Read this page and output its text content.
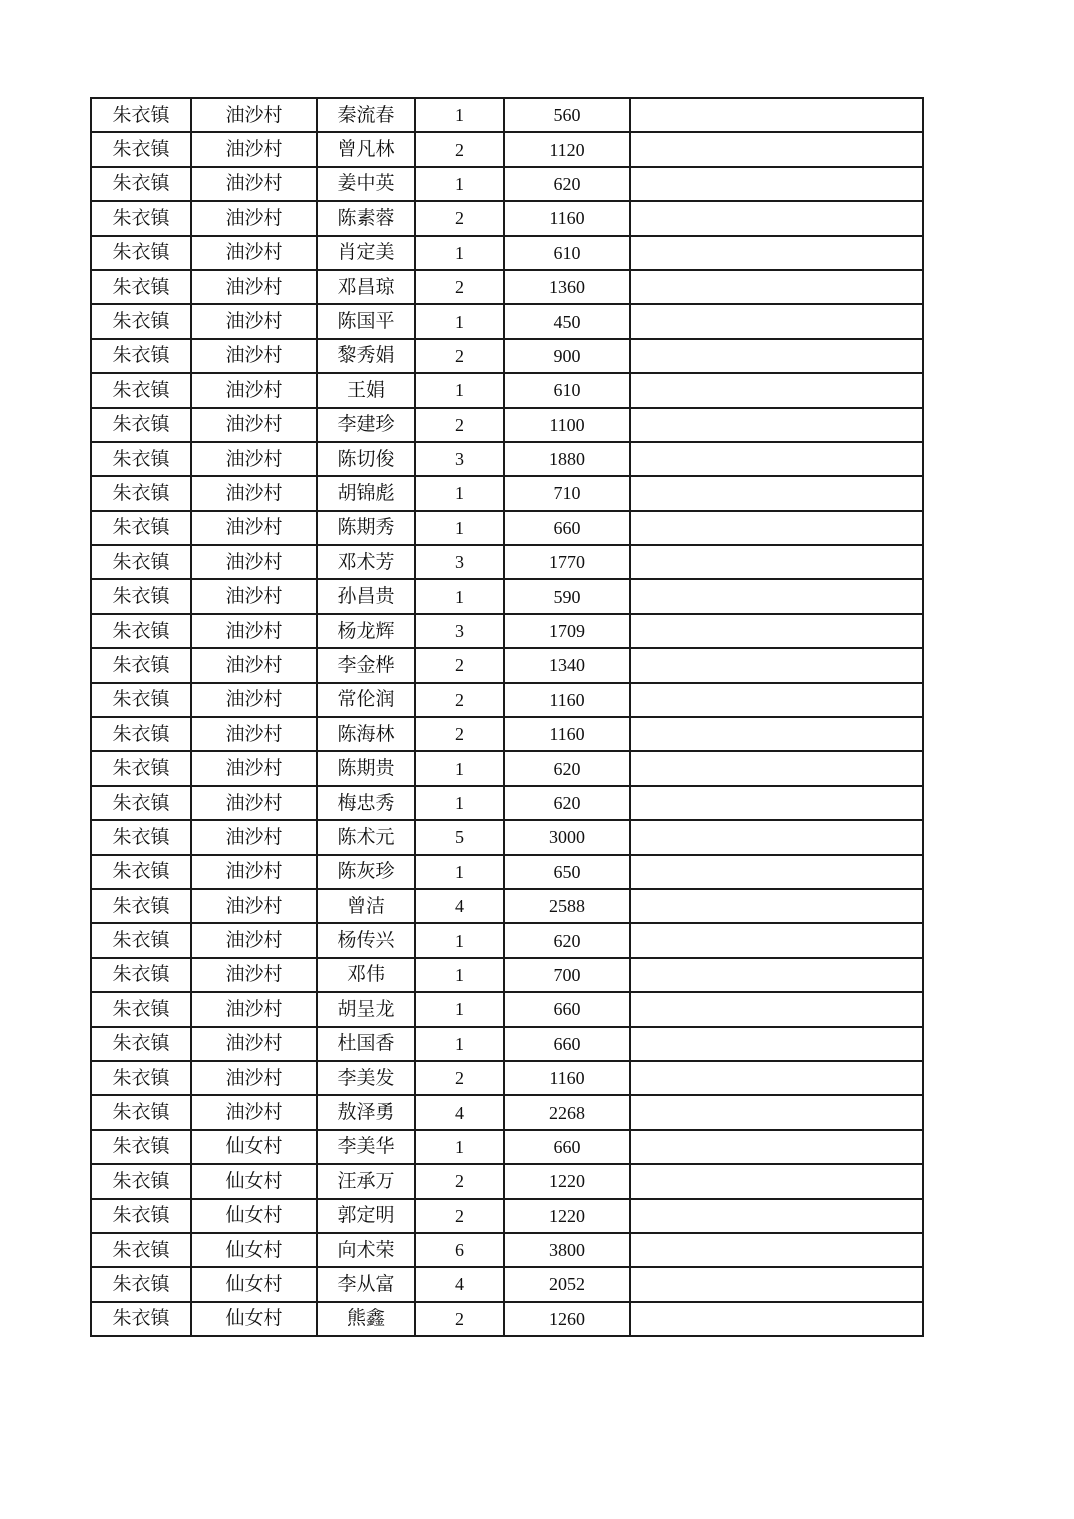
朱衣镇	油沙村	秦流春	1	560	
朱衣镇	油沙村	曾凡林	2	1120	
朱衣镇	油沙村	姜中英	1	620	
朱衣镇	油沙村	陈素蓉	2	1160	
朱衣镇	油沙村	肖定美	1	610	
朱衣镇	油沙村	邓昌琼	2	1360	
朱衣镇	油沙村	陈国平	1	450	
朱衣镇	油沙村	黎秀娟	2	900	
朱衣镇	油沙村	王娟	1	610	
朱衣镇	油沙村	李建珍	2	1100	
朱衣镇	油沙村	陈切俊	3	1880	
朱衣镇	油沙村	胡锦彪	1	710	
朱衣镇	油沙村	陈期秀	1	660	
朱衣镇	油沙村	邓术芳	3	1770	
朱衣镇	油沙村	孙昌贵	1	590	
朱衣镇	油沙村	杨龙辉	3	1709	
朱衣镇	油沙村	李金桦	2	1340	
朱衣镇	油沙村	常伦润	2	1160	
朱衣镇	油沙村	陈海林	2	1160	
朱衣镇	油沙村	陈期贵	1	620	
朱衣镇	油沙村	梅忠秀	1	620	
朱衣镇	油沙村	陈术元	5	3000	
朱衣镇	油沙村	陈灰珍	1	650	
朱衣镇	油沙村	曾洁	4	2588	
朱衣镇	油沙村	杨传兴	1	620	
朱衣镇	油沙村	邓伟	1	700	
朱衣镇	油沙村	胡呈龙	1	660	
朱衣镇	油沙村	杜国香	1	660	
朱衣镇	油沙村	李美发	2	1160	
朱衣镇	油沙村	敖泽勇	4	2268	
朱衣镇	仙女村	李美华	1	660	
朱衣镇	仙女村	汪承万	2	1220	
朱衣镇	仙女村	郭定明	2	1220	
朱衣镇	仙女村	向术荣	6	3800	
朱衣镇	仙女村	李从富	4	2052	
朱衣镇	仙女村	熊鑫	2	1260	
